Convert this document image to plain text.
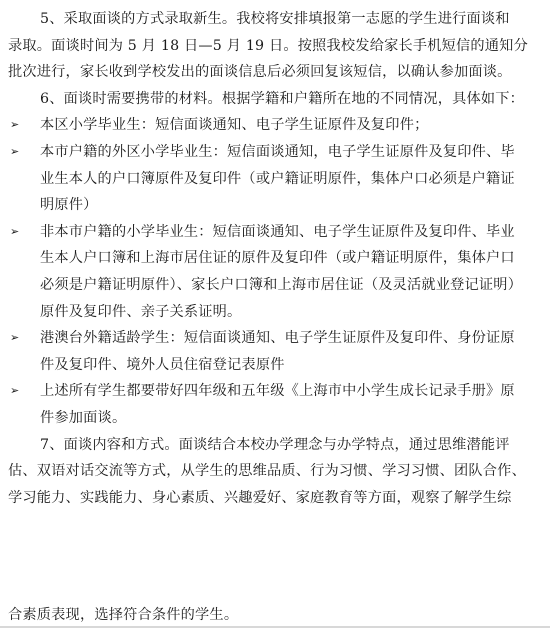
5、采取面谈的方式录取新生。我校将安排填报第一志愿的学生进行面谈和
录取。面谈时间为 5 月 18 日—5 月 19 日。按照我校发给家长手机短信的通知分
批次进行，家长收到学校发出的面谈信息后必须回复该短信，以确认参加面谈。
6、面谈时需要携带的材料。根据学籍和户籍所在地的不同情况，具体如下：
➢	本区小学毕业生：短信面谈通知、电子学生证原件及复印件；
➢	本市户籍的外区小学毕业生：短信面谈通知，电子学生证原件及复印件、毕
业生本人的户口簿原件及复印件（或户籍证明原件，集体户口必须是户籍证
明原件）
➢	非本市户籍的小学毕业生：短信面谈通知、电子学生证原件及复印件、毕业
生本人户口簿和上海市居住证的原件及复印件（或户籍证明原件，集体户口
必须是户籍证明原件）、家长户口簿和上海市居住证（及灵活就业登记证明）
原件及复印件、亲子关系证明。
➢	港澳台外籍适龄学生：短信面谈通知、电子学生证原件及复印件、身份证原
件及复印件、境外人员住宿登记表原件
➢	上述所有学生都要带好四年级和五年级《上海市中小学生成长记录手册》原
件参加面谈。
7、面谈内容和方式。面谈结合本校办学理念与办学特点，通过思维潜能评
估、双语对话交流等方式，从学生的思维品质、行为习惯、学习习惯、团队合作、
学习能力、实践能力、身心素质、兴趣爱好、家庭教育等方面，观察了解学生综
合素质表现，选择符合条件的学生。
